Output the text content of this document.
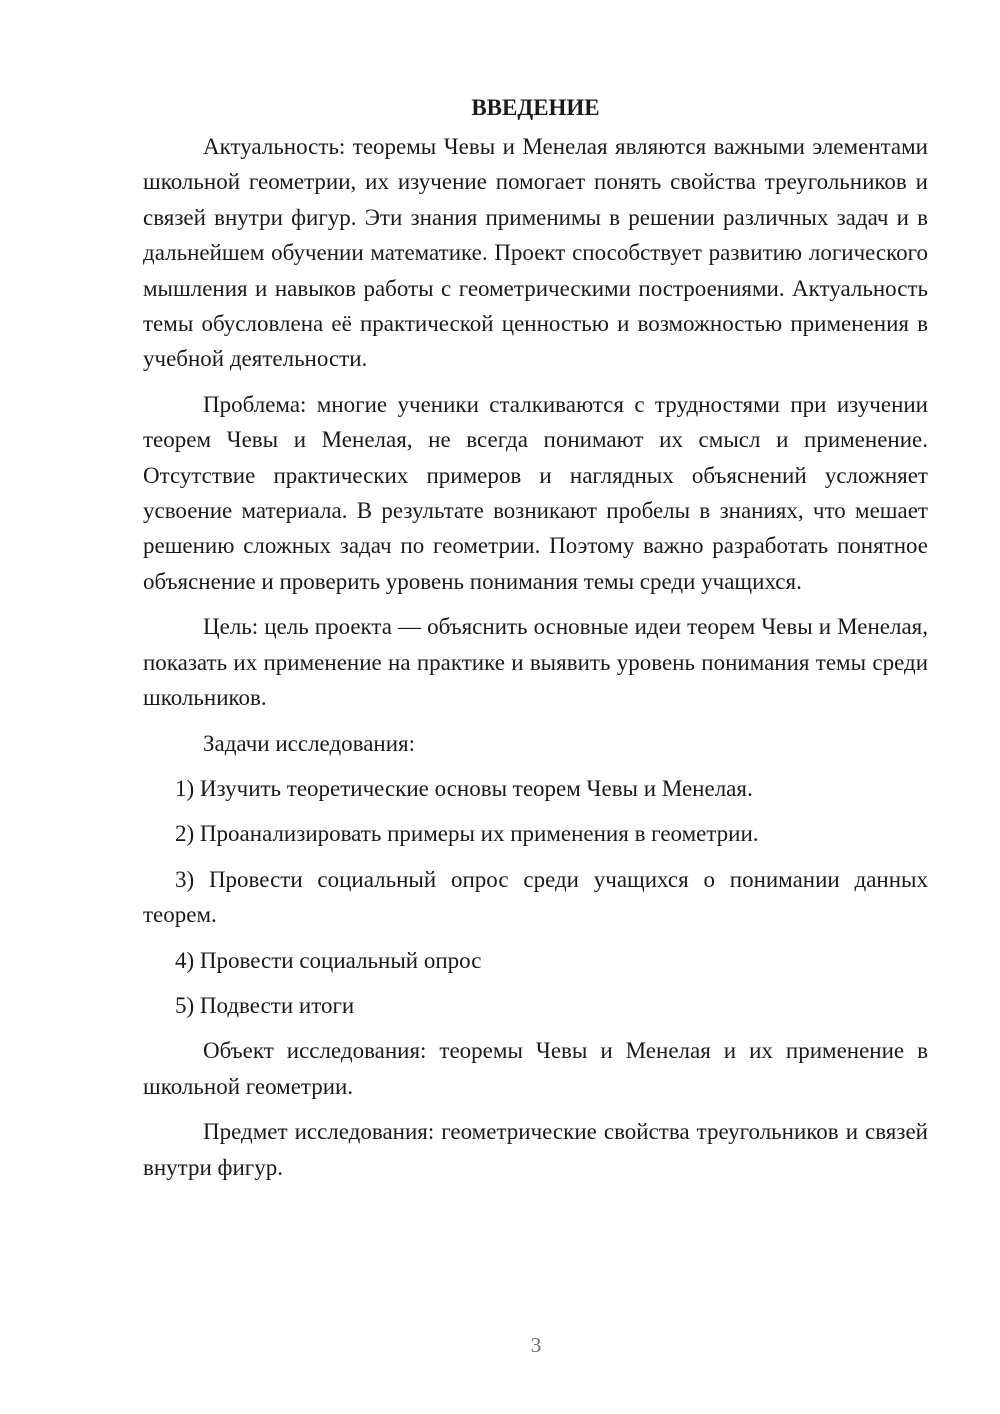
ВВЕДЕНИЕ

Актуальность: теоремы Чевы и Менелая являются важными элементами школьной геометрии, их изучение помогает понять свойства треугольников и связей внутри фигур. Эти знания применимы в решении различных задач и в дальнейшем обучении математике. Проект способствует развитию логического мышления и навыков работы с геометрическими построениями. Актуальность темы обусловлена её практической ценностью и возможностью применения в учебной деятельности.

Проблема: многие ученики сталкиваются с трудностями при изучении теорем Чевы и Менелая, не всегда понимают их смысл и применение. Отсутствие практических примеров и наглядных объяснений усложняет усвоение материала. В результате возникают пробелы в знаниях, что мешает решению сложных задач по геометрии. Поэтому важно разработать понятное объяснение и проверить уровень понимания темы среди учащихся.

Цель: цель проекта — объяснить основные идеи теорем Чевы и Менелая, показать их применение на практике и выявить уровень понимания темы среди школьников.

Задачи исследования:

1) Изучить теоретические основы теорем Чевы и Менелая.

2) Проанализировать примеры их применения в геометрии.

3) Провести социальный опрос среди учащихся о понимании данных теорем.

4) Провести социальный опрос

5) Подвести итоги

Объект исследования: теоремы Чевы и Менелая и их применение в школьной геометрии.

Предмет исследования: геометрические свойства треугольников и связей внутри фигур.

3
